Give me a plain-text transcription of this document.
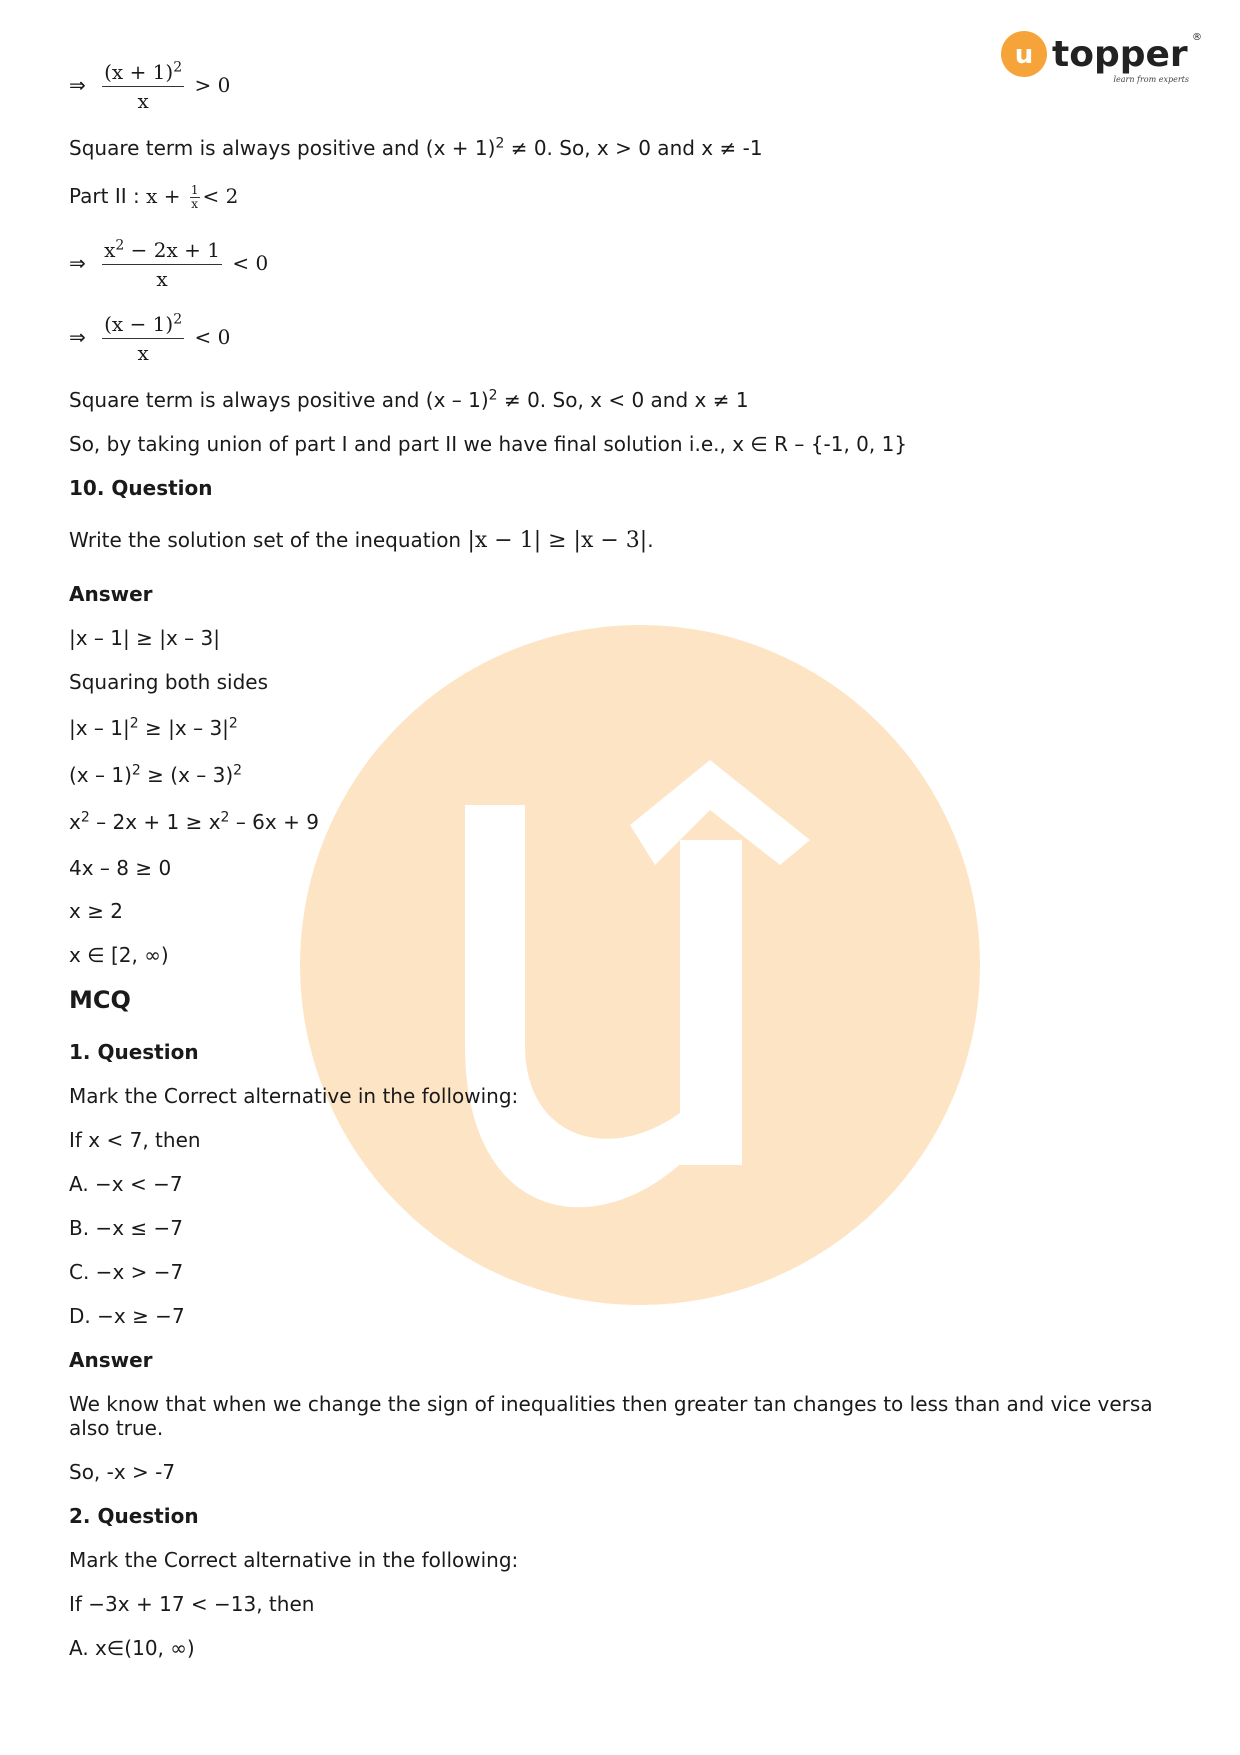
u topper ®
learn from experts
⇒ $\frac{(x + 1)^2}{x} > 0$
Square term is always positive and $(x + 1)^2 \ne 0$. So, x > 0 and x ≠ -1
Part II : $x + \frac{1}{x} < 2$
⇒ $\frac{x^2 - 2x + 1}{x} < 0$
⇒ $\frac{(x - 1)^2}{x} < 0$
Square term is always positive and (x – 1)$^2$ ≠ 0. So, x < 0 and x ≠ 1
So, by taking union of part I and part II we have final solution i.e., x ∈ R – {-1, 0, 1}
10. Question
Write the solution set of the inequation |x − 1| ≥ |x − 3|.
Answer
|x – 1| ≥ |x – 3|
Squaring both sides
$|x - 1|^2 \ge |x - 3|^2$
(x – 1)$^2$ ≥ (x – 3)$^2$
$x^2 - 2x + 1 \ge x^2 - 6x + 9$
4x – 8 ≥ 0
x ≥ 2
x ∈ [2, ∞)
MCQ
1. Question
Mark the Correct alternative in the following:
If x < 7, then
A. −x < −7
B. −x ≤ −7
C. −x > −7
D. −x ≥ −7
Answer
We know that when we change the sign of inequalities then greater tan changes to less than and vice versa also true.
So, -x > -7
2. Question
Mark the Correct alternative in the following:
If −3x + 17 < −13, then
A. x∈(10, ∞)
